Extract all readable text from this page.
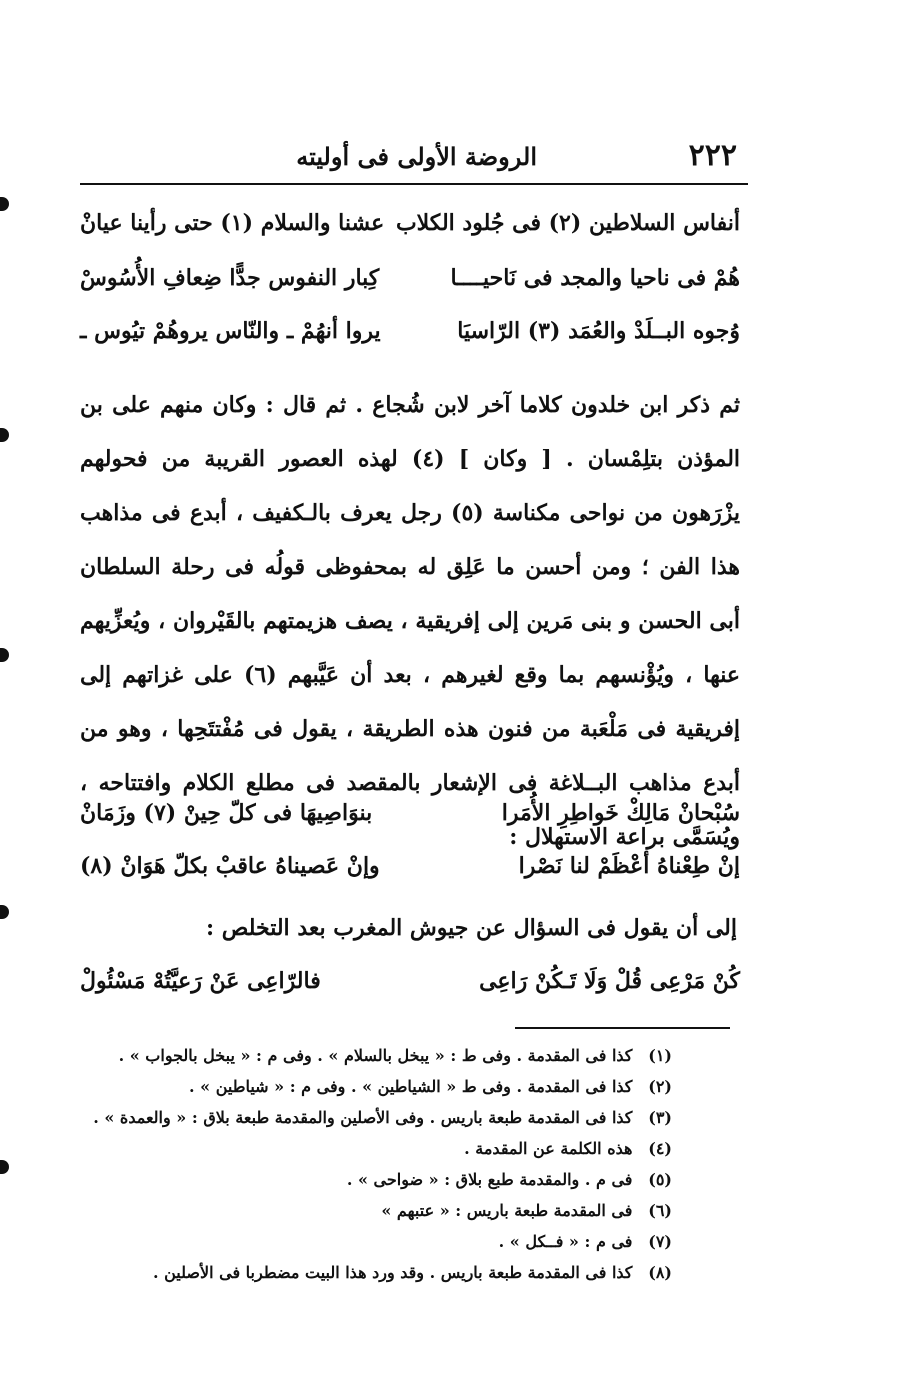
٢٢٢
الروضة الأولى فى أوليته
أنفاس السلاطين (٢) فى جُلود الكلاب
عشنا والسلام (١) حتى رأينا عيانْ
هُمْ فى ناحيا والمجد فى نَاحيــــا
كِبار النفوس جدًّا ضِعافِ الأُسُوسْ
وُجوه البــلَدْ والعُمَد (٣) الرّاسيَا
يروا أنهُمْ ـ والنّاس يروهُمْ تيُوس ـ

ثم ذكر ابن خلدون كلاما آخر لابن شُجاع . ثم قال : وكان منهم على بن المؤذن بتلِمْسان . [ وكان ] (٤) لهذه العصور القريبة من فحولهم يزْرَهون من نواحى مكناسة (٥) رجل يعرف بالـكفيف ، أبدع فى مذاهب هذا الفن ؛ ومن أحسن ما عَلِق له بمحفوظى قولُه فى رحلة السلطان أبى الحسن و بنى مَرين إلى إفريقية ، يصف هزيمتهم بالقَيْروان ، ويُعزِّيهم عنها ، ويُؤْنسهم بما وقع لغيرهم ، بعد أن عَيَّبهم (٦) على غزاتهم إلى إفريقية فى مَلْعَبة من فنون هذه الطريقة ، يقول فى مُفْتتَحِها ، وهو من أبدع مذاهب البــلاغة فى الإشعار بالمقصد فى مطلع الكلام وافتتاحه ، ويُسَمَّى براعة الاستهلال :

سُبْحانْ مَالِكْ خَواطِرِ الأُمَرا
بنوَاصِيهَا فى كلّ حِينْ (٧) وزَمَانْ
إنْ طِعْناهُ أعْظَمْ لنا نَصْرا
وإنْ عَصيناهُ عاقبْ بكلّ هَوَانْ (٨)
إلى أن يقول فى السؤال عن جيوش المغرب بعد التخلص :
كُنْ مَرْعِى قُلْ وَلَا تَـكُنْ رَاعِى
فالرّاعِى عَنْ رَعيَّتُهْ مَسْئُولْ
(١) كذا فى المقدمة . وفى ط : « يبخل بالسلام » . وفى م : « يبخل بالجواب » .
(٢) كذا فى المقدمة . وفى ط « الشياطين » . وفى م : « شياطين » .
(٣) كذا فى المقدمة طبعة باريس . وفى الأصلين والمقدمة طبعة بلاق : « والعمدة » .
(٤) هذه الكلمة عن المقدمة .
(٥) فى م . والمقدمة طبع بلاق : « ضواحى » .
(٦) فى المقدمة طبعة باريس : « عتبهم »
(٧) فى م : « فــكل » .
(٨) كذا فى المقدمة طبعة باريس . وقد ورد هذا البيت مضطربا فى الأصلين .
